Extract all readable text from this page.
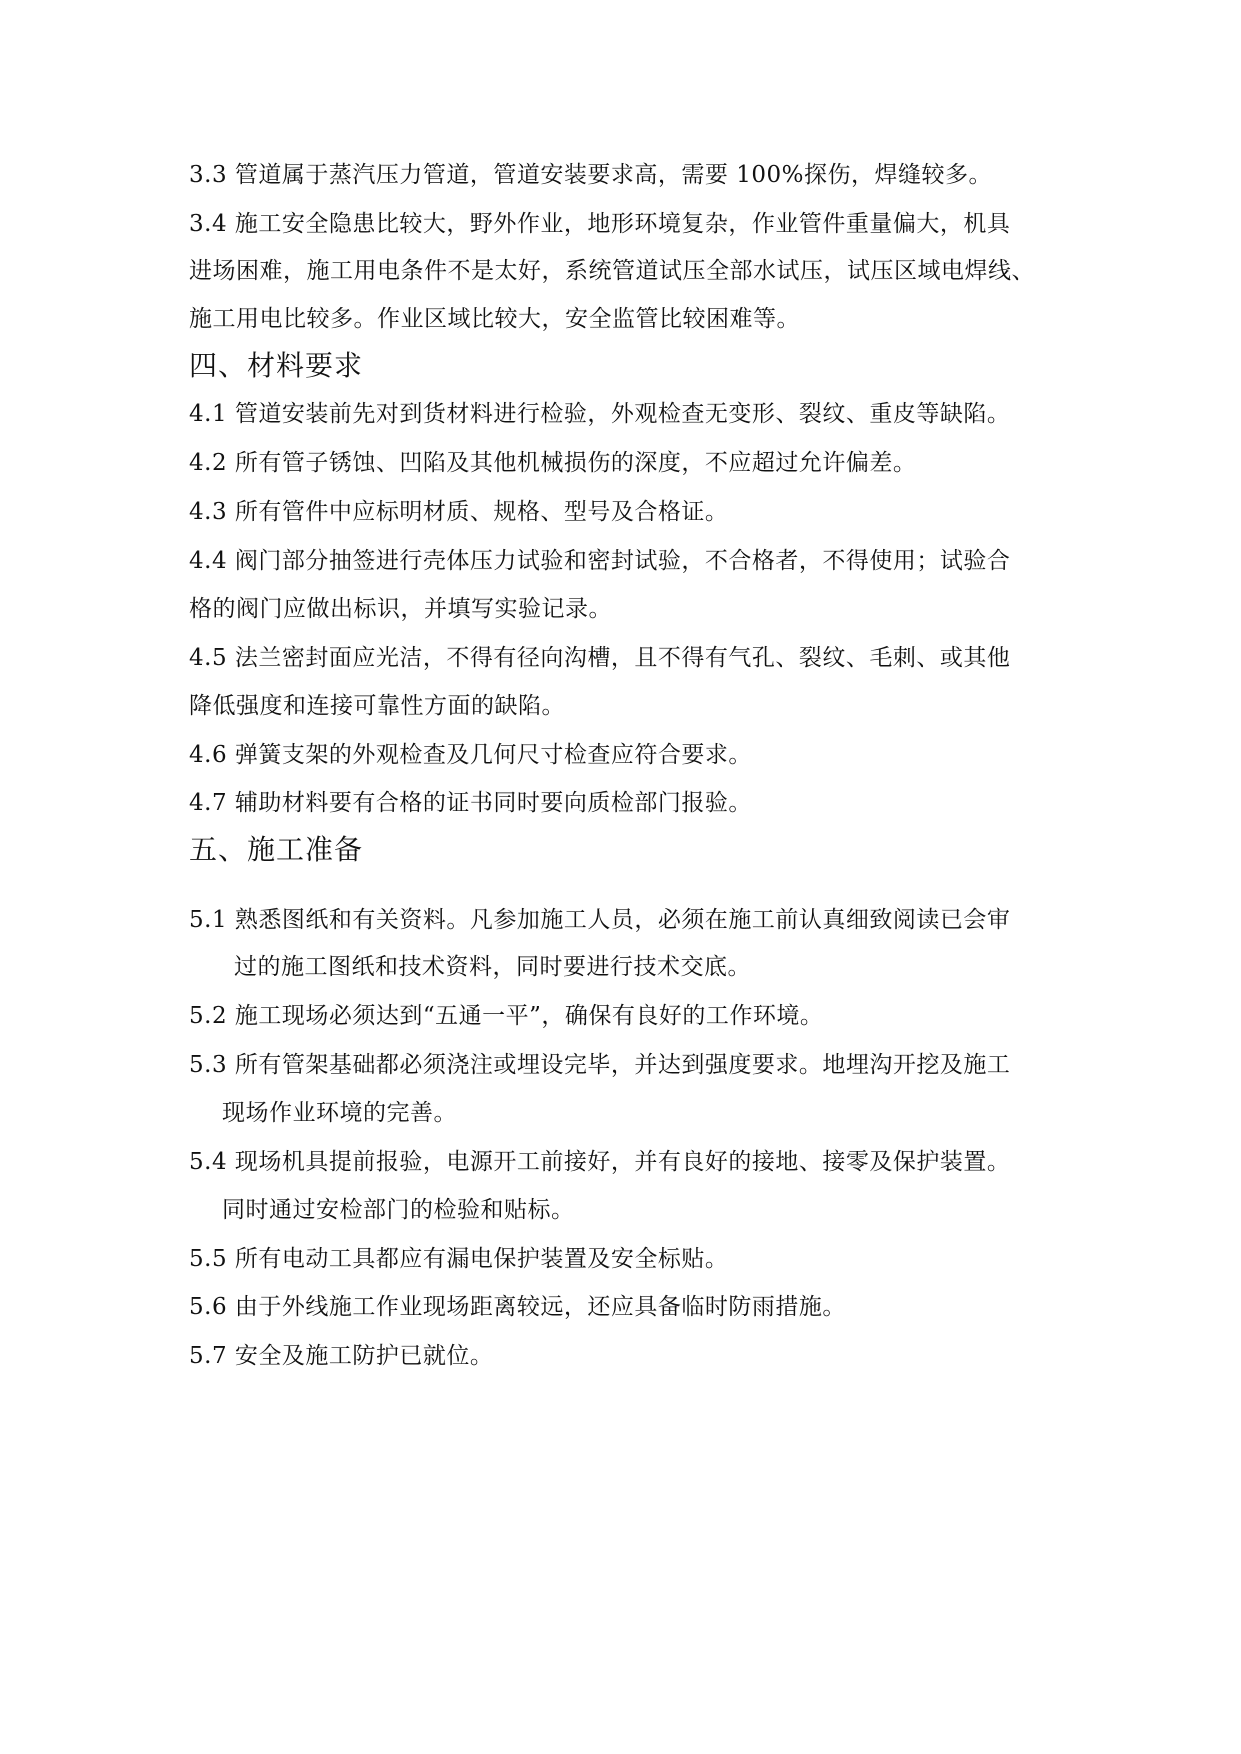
3.3 管道属于蒸汽压力管道，管道安装要求高，需要 100%探伤，焊缝较多。
3.4 施工安全隐患比较大，野外作业，地形环境复杂，作业管件重量偏大，机具
进场困难，施工用电条件不是太好，系统管道试压全部水试压，试压区域电焊线、
施工用电比较多。作业区域比较大，安全监管比较困难等。
四、材料要求
4.1 管道安装前先对到货材料进行检验，外观检查无变形、裂纹、重皮等缺陷。
4.2 所有管子锈蚀、凹陷及其他机械损伤的深度，不应超过允许偏差。
4.3 所有管件中应标明材质、规格、型号及合格证。
4.4 阀门部分抽签进行壳体压力试验和密封试验，不合格者，不得使用；试验合
格的阀门应做出标识，并填写实验记录。
4.5 法兰密封面应光洁，不得有径向沟槽，且不得有气孔、裂纹、毛刺、或其他
降低强度和连接可靠性方面的缺陷。
4.6 弹簧支架的外观检查及几何尺寸检查应符合要求。
4.7 辅助材料要有合格的证书同时要向质检部门报验。
五、施工准备
5.1 熟悉图纸和有关资料。凡参加施工人员，必须在施工前认真细致阅读已会审
过的施工图纸和技术资料，同时要进行技术交底。
5.2 施工现场必须达到“五通一平”，确保有良好的工作环境。
5.3 所有管架基础都必须浇注或埋设完毕，并达到强度要求。地埋沟开挖及施工
现场作业环境的完善。
5.4 现场机具提前报验，电源开工前接好，并有良好的接地、接零及保护装置。
同时通过安检部门的检验和贴标。
5.5 所有电动工具都应有漏电保护装置及安全标贴。
5.6 由于外线施工作业现场距离较远，还应具备临时防雨措施。
5.7 安全及施工防护已就位。
